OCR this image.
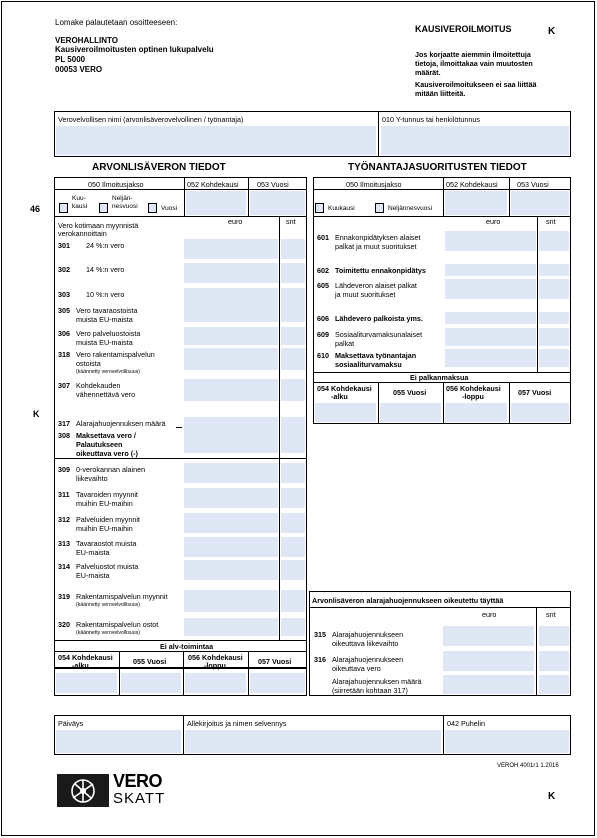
Lomake palautetaan osoitteeseen:
VEROHALLINTO
Kausiveroilmoitusten optinen lukupalvelu
PL 5000
00053 VERO
KAUSIVEROILMOITUS	K
Jos korjaatte aiemmin ilmoitettuja
tietoja, ilmoittakaa vain muutosten
määrät.
Kausiveroilmoitukseen ei saa liittää
mitään liitteitä.
Verovelvollisen nimi (arvonlisäverovelvollinen / työnantaja)	010 Y-tunnus tai henkilötunnus
46
K
ARVONLISÄVERON TIEDOT
050 Ilmoitusjakso	052 Kohdekausi	053 Vuosi
Kuu-
kausi
Neljän-
nesvuosi	Vuosi
euro	snt
Vero kotimaan myynnistä
verokannoittain
301 24 %:n vero
302 14 %:n vero
303 10 %:n vero
305 Vero tavaraostoista
muista EU-maista
306 Vero palveluostoista
muista EU-maista
318 Vero rakentamispalvelun
ostoista
(käännetty verovelvollisuus)
307 Kohdekauden
vähennettävä vero
317 Alarajahuojennuksen määrä
308 Maksettava vero /
Palautukseen
oikeuttava vero (-)
309 0-verokannan alainen
liikevaihto
311 Tavaroiden myynnit
muihin EU-maihin
312 Palveluiden myynnit
muihin EU-maihin
313 Tavaraostot muista
EU-maista
314 Palveluostot muista
EU-maista
319 Rakentamispalvelun myynnit
(käännetty verovelvollisuus)
320 Rakentamispalvelun ostot
(käännetty verovelvollisuus)
Ei alv-toimintaa
054 Kohdekausi
-alku	055 Vuosi	056 Kohdekausi
-loppu	057 Vuosi
TYÖNANTAJASUORITUSTEN TIEDOT
050 Ilmoitusjakso	052 Kohdekausi	053 Vuosi
Kuukausi	Neljännesvuosi
euro	snt
601 Ennakonpidätyksen alaiset
palkat ja muut suoritukset
602 Toimitettu ennakonpidätys
605 Lähdeveron alaiset palkat
ja muut suoritukset
606 Lähdevero palkoista yms.
609 Sosiaaliturvamaksunalaiset
palkat
610 Maksettava työnantajan
sosiaaliturvamaksu
Ei palkanmaksua
054 Kohdekausi
-alku	055 Vuosi	056 Kohdekausi
-loppu	057 Vuosi
Arvonlisäveron alarajahuojennukseen oikeutettu täyttää
euro	snt
315 Alarajahuojennukseen
oikeuttava liikevaihto
316 Alarajahuojennukseen
oikeuttava vero
Alarajahuojennuksen määrä
(siirretään kohtaan 317)
Päiväys	Allekirjoitus ja nimen selvennys	042 Puhelin
VEROH 4001r1 1.2016
VERO
SKATT	K
